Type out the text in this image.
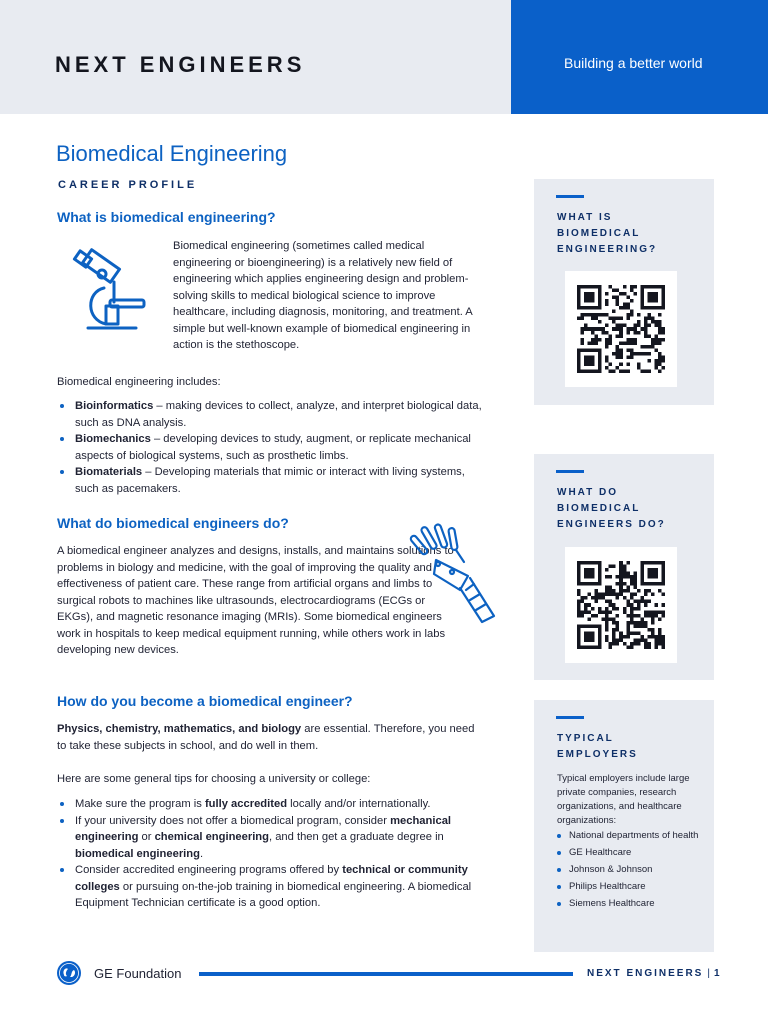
NEXT ENGINEERS	Building a better world
Biomedical Engineering
CAREER PROFILE
What is biomedical engineering?
Biomedical engineering (sometimes called medical engineering or bioengineering) is a relatively new field of engineering which applies engineering design and problem-solving skills to medical biological science to improve healthcare, including diagnosis, monitoring, and treatment. A simple but well-known example of biomedical engineering in action is the stethoscope.
Biomedical engineering includes:
Bioinformatics – making devices to collect, analyze, and interpret biological data, such as DNA analysis.
Biomechanics – developing devices to study, augment, or replicate mechanical aspects of biological systems, such as prosthetic limbs.
Biomaterials – Developing materials that mimic or interact with living systems, such as pacemakers.
What do biomedical engineers do?
A biomedical engineer analyzes and designs, installs, and maintains solutions to problems in biology and medicine, with the goal of improving the quality and effectiveness of patient care. These range from artificial organs and limbs to surgical robots to machines like ultrasounds, electrocardiograms (ECGs or EKGs), and magnetic resonance imaging (MRIs). Some biomedical engineers work in hospitals to keep medical equipment running, while others work in labs developing new devices.
How do you become a biomedical engineer?
Physics, chemistry, mathematics, and biology are essential. Therefore, you need to take these subjects in school, and do well in them.
Here are some general tips for choosing a university or college:
Make sure the program is fully accredited locally and/or internationally.
If your university does not offer a biomedical program, consider mechanical engineering or chemical engineering, and then get a graduate degree in biomedical engineering.
Consider accredited engineering programs offered by technical or community colleges or pursuing on-the-job training in biomedical engineering. A biomedical Equipment Technician certificate is a good option.
WHAT IS
BIOMEDICAL
ENGINEERING?
WHAT DO
BIOMEDICAL
ENGINEERS DO?
TYPICAL
EMPLOYERS
Typical employers include large private companies, research organizations, and healthcare organizations:
National departments of health
GE Healthcare
Johnson & Johnson
Philips Healthcare
Siemens Healthcare
GE Foundation	NEXT ENGINEERS | 1
